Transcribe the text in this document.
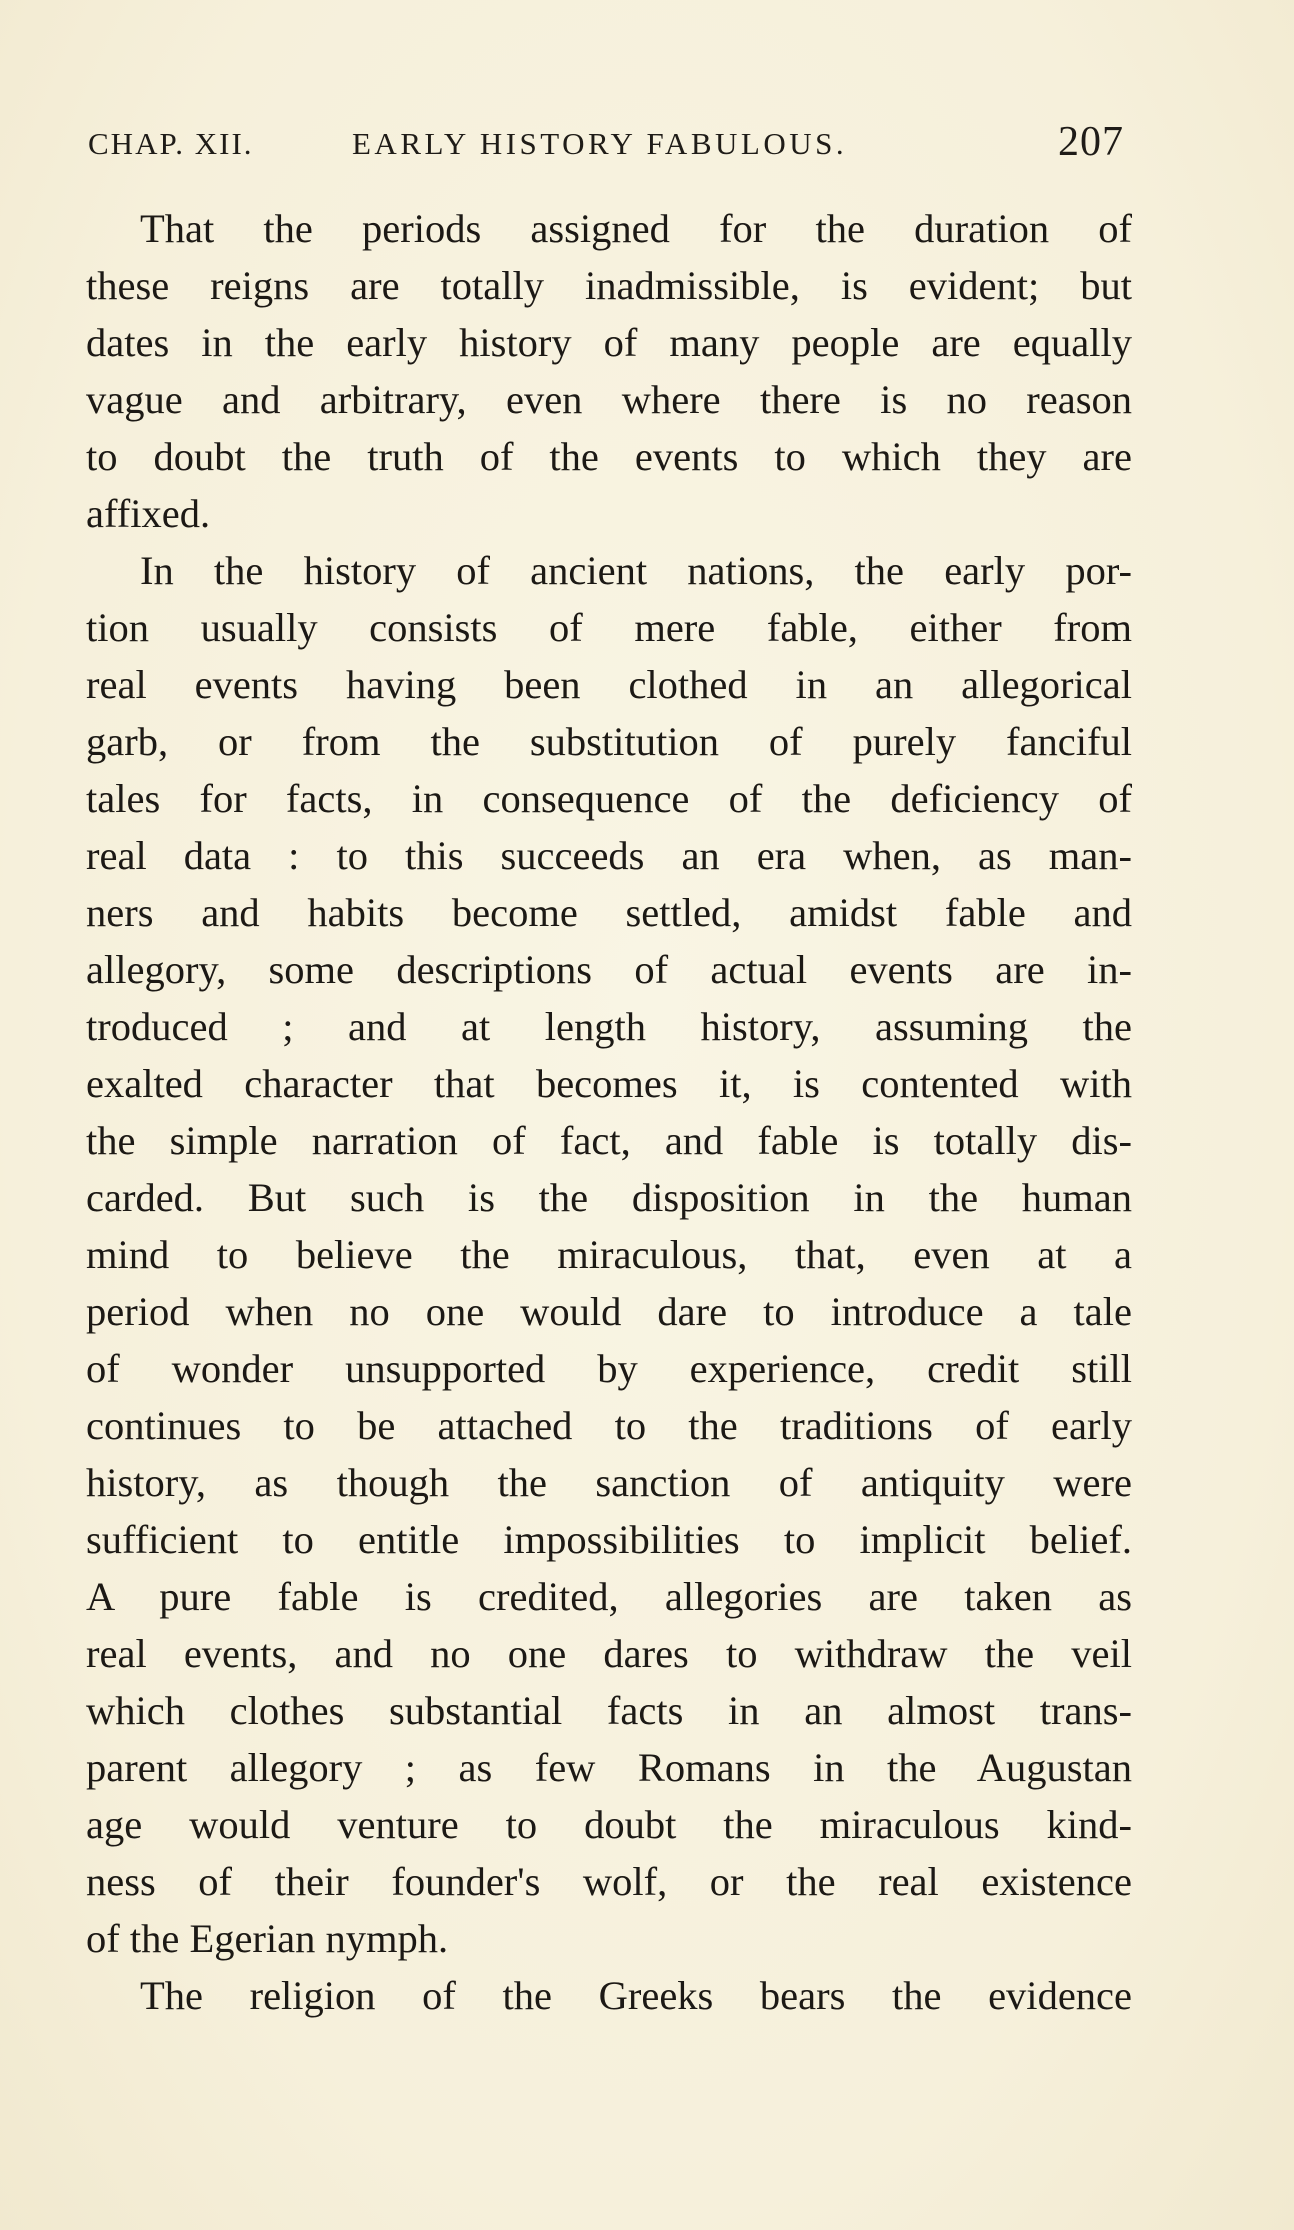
CHAP. XII.	EARLY HISTORY FABULOUS.	207
That the periods assigned for the duration of
these reigns are totally inadmissible, is evident; but
dates in the early history of many people are equally
vague and arbitrary, even where there is no reason
to doubt the truth of the events to which they are
affixed.
In the history of ancient nations, the early por-
tion usually consists of mere fable, either from
real events having been clothed in an allegorical
garb, or from the substitution of purely fanciful
tales for facts, in consequence of the deficiency of
real data : to this succeeds an era when, as man-
ners and habits become settled, amidst fable and
allegory, some descriptions of actual events are in-
troduced ; and at length history, assuming the
exalted character that becomes it, is contented with
the simple narration of fact, and fable is totally dis-
carded. But such is the disposition in the human
mind to believe the miraculous, that, even at a
period when no one would dare to introduce a tale
of wonder unsupported by experience, credit still
continues to be attached to the traditions of early
history, as though the sanction of antiquity were
sufficient to entitle impossibilities to implicit belief.
A pure fable is credited, allegories are taken as
real events, and no one dares to withdraw the veil
which clothes substantial facts in an almost trans-
parent allegory ; as few Romans in the Augustan
age would venture to doubt the miraculous kind-
ness of their founder's wolf, or the real existence
of the Egerian nymph.
The religion of the Greeks bears the evidence
